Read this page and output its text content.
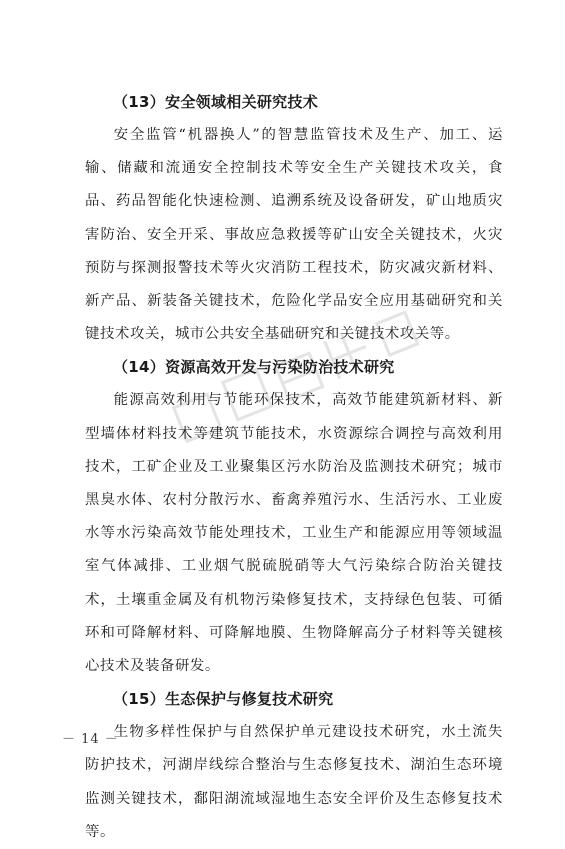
（13）安全领域相关研究技术

安全监管“机器换人”的智慧监管技术及生产、加工、运输、储藏和流通安全控制技术等安全生产关键技术攻关，食品、药品智能化快速检测、追溯系统及设备研发，矿山地质灾害防治、安全开采、事故应急救援等矿山安全关键技术，火灾预防与探测报警技术等火灾消防工程技术，防灾减灾新材料、新产品、新装备关键技术，危险化学品安全应用基础研究和关键技术攻关，城市公共安全基础研究和关键技术攻关等。

（14）资源高效开发与污染防治技术研究

能源高效利用与节能环保技术，高效节能建筑新材料、新型墙体材料技术等建筑节能技术，水资源综合调控与高效利用技术，工矿企业及工业聚集区污水防治及监测技术研究；城市黑臭水体、农村分散污水、畜禽养殖污水、生活污水、工业废水等水污染高效节能处理技术，工业生产和能源应用等领域温室气体减排、工业烟气脱硫脱硝等大气污染综合防治关键技术，土壤重金属及有机物污染修复技术，支持绿色包装、可循环和可降解材料、可降解地膜、生物降解高分子材料等关键核心技术及装备研发。

（15）生态保护与修复技术研究

生物多样性保护与自然保护单元建设技术研究，水土流失防护技术，河湖岸线综合整治与生态修复技术、湖泊生态环境监测关键技术，鄱阳湖流域湿地生态安全评价及生态修复技术等。

－ 14 －
